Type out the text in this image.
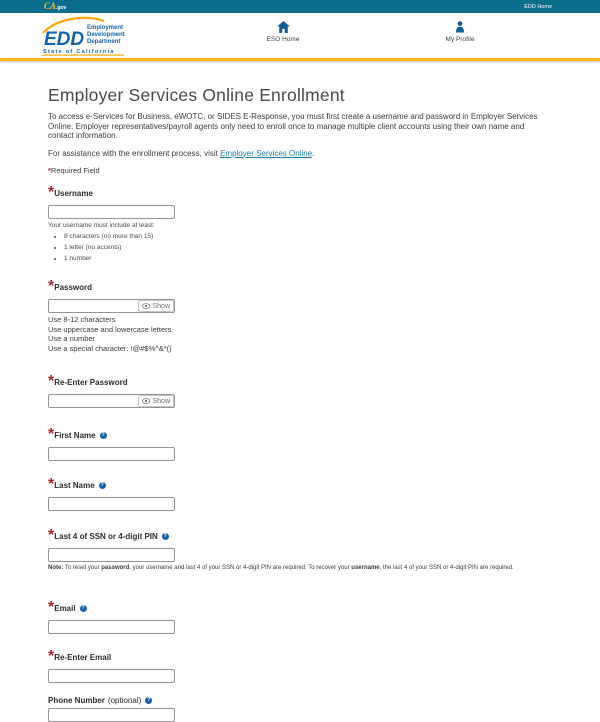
CA.gov	EDD Home
EDD
Employment
Development
Department
State of California
ESO Home	My Profile
Employer Services Online Enrollment

To access e-Services for Business, eWOTC, or SIDES E-Response, you must first create a username and password in Employer Services Online. Employer representatives/payroll agents only need to enroll once to manage multiple client accounts using their own name and contact information.

For assistance with the enrollment process, visit Employer Services Online.

*Required Field

* Username
Your username must include at least:
• 8 characters (no more than 15)
• 1 letter (no accents)
• 1 number
* Password
Show
Use 8-12 characters
Use uppercase and lowercase letters
Use a number
Use a special character: !@#$%^&*()
* Re-Enter Password
Show
* First Name	?
* Last Name	?
* Last 4 of SSN or 4-digit PIN	?

Note: To reset your password, your username and last 4 of your SSN or 4-digit PIN are required. To recover your username, the last 4 of your SSN or 4-digit PIN are required.

* Email	?
* Re-Enter Email
Phone Number (optional)	?
